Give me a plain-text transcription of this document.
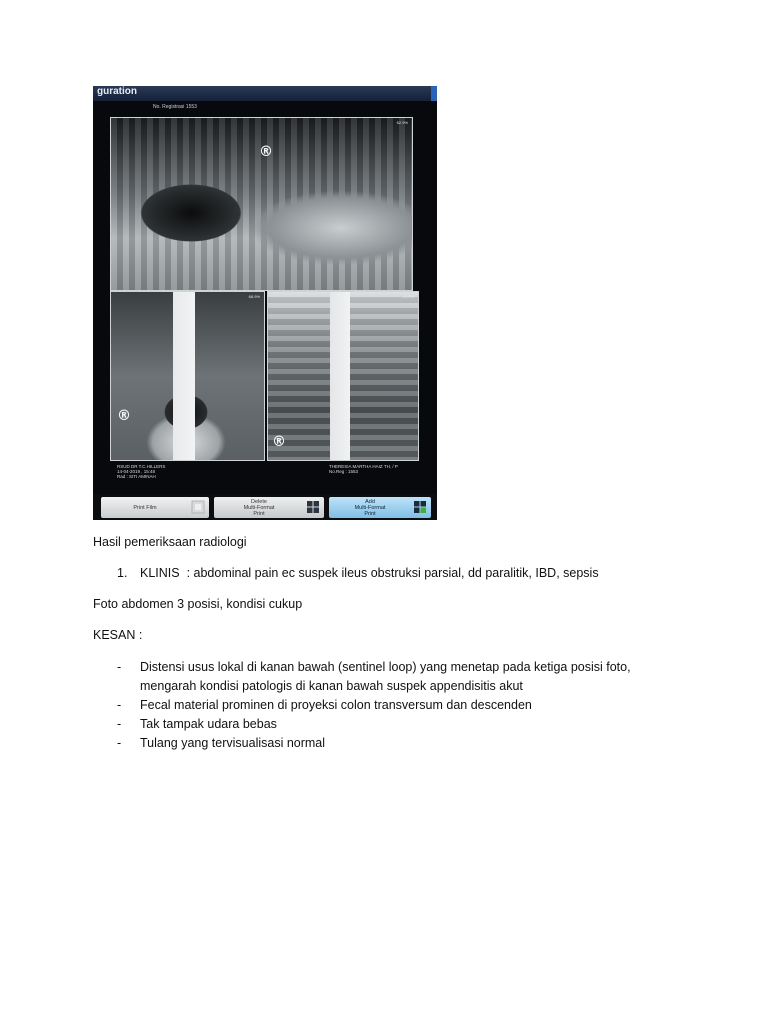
guration
No. Registrasi 1553
62.9%
®
68.9%
®
45.6%
®
RSUD DR T.C.HILLERS
14-04-2019 , 15:48
Rad : SITI AMINAH
THERESIA MARTHA HAIZ TH, / P
No.Reg : 1553
Print Film
Delete
Multi-Format
Print
Add
Multi-Format
Print
Hasil pemeriksaan radiologi
1. KLINIS : abdominal pain ec suspek ileus obstruksi parsial, dd paralitik, IBD, sepsis
Foto abdomen 3 posisi, kondisi cukup
KESAN :
- Distensi usus lokal di kanan bawah (sentinel loop) yang menetap pada ketiga posisi foto,
mengarah kondisi patologis di kanan bawah suspek appendisitis akut
- Fecal material prominen di proyeksi colon transversum dan descenden
- Tak tampak udara bebas
- Tulang yang tervisualisasi normal
